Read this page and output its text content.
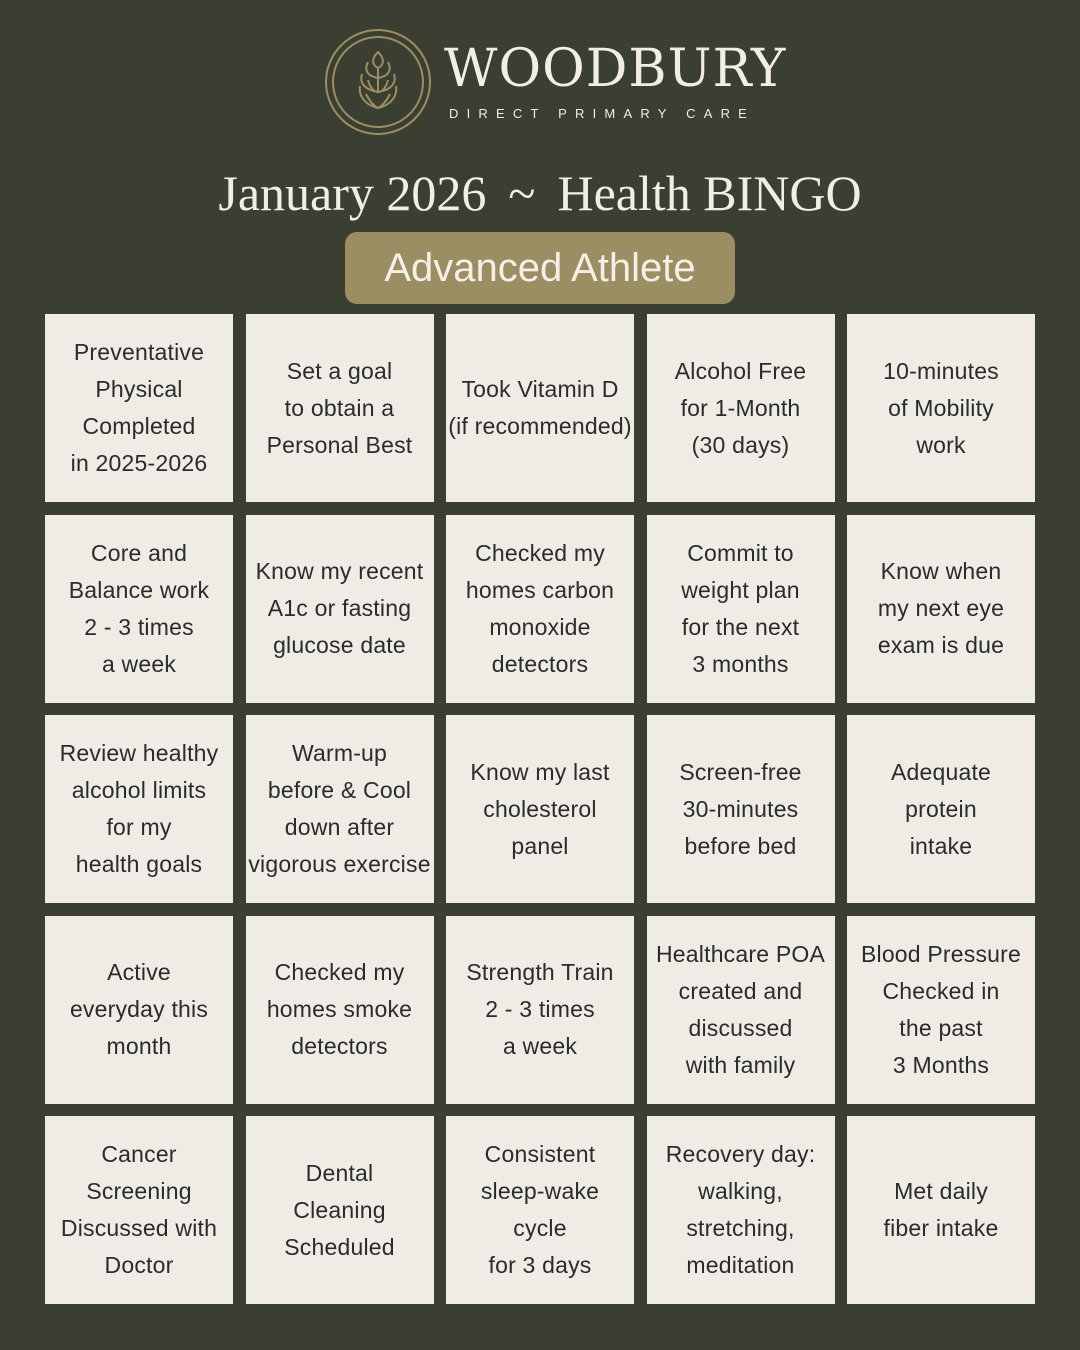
WOODBURY
DIRECT PRIMARY CARE
January 2026 ~ Health BINGO
Advanced Athlete
Preventative
Physical
Completed
in 2025-2026
Set a goal
to obtain a
Personal Best
Took Vitamin D
(if recommended)
Alcohol Free
for 1-Month
(30 days)
10-minutes
of Mobility
work
Core and
Balance work
2 - 3 times
a week
Know my recent
A1c or fasting
glucose date
Checked my
homes carbon
monoxide
detectors
Commit to
weight plan
for the next
3 months
Know when
my next eye
exam is due
Review healthy
alcohol limits
for my
health goals
Warm-up
before & Cool
down after
vigorous exercise
Know my last
cholesterol
panel
Screen-free
30-minutes
before bed
Adequate
protein
intake
Active
everyday this
month
Checked my
homes smoke
detectors
Strength Train
2 - 3 times
a week
Healthcare POA
created and
discussed
with family
Blood Pressure
Checked in
the past
3 Months
Cancer
Screening
Discussed with
Doctor
Dental
Cleaning
Scheduled
Consistent
sleep-wake
cycle
for 3 days
Recovery day:
walking,
stretching,
meditation
Met daily
fiber intake
